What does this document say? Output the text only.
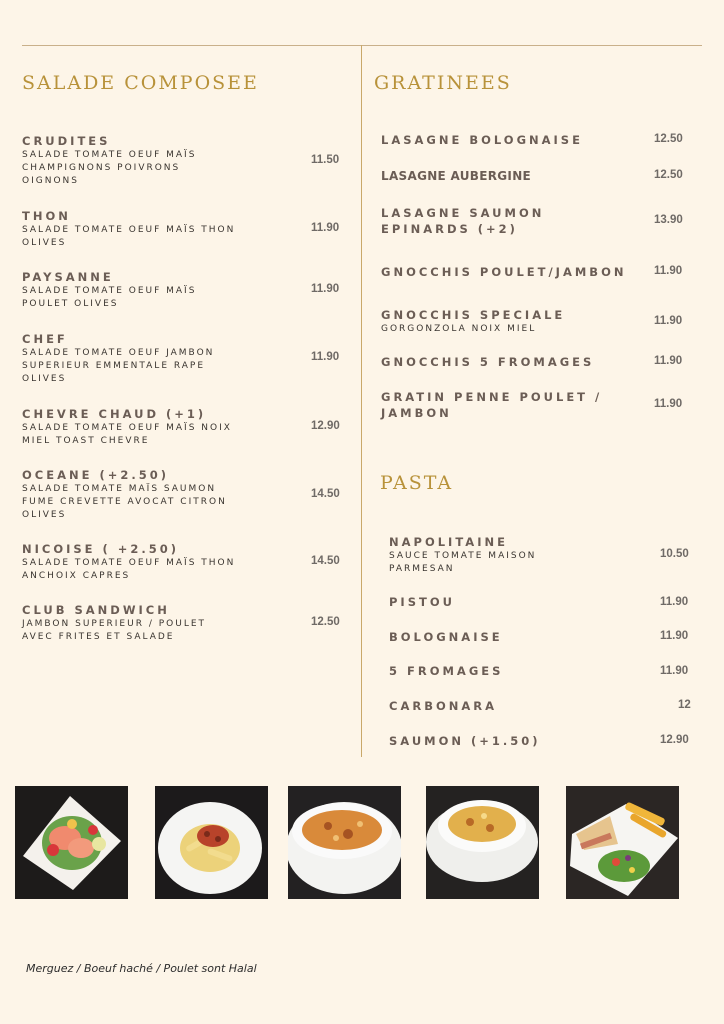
SALADE COMPOSEE
CRUDITES
SALADE TOMATE OEUF MAÏS
CHAMPIGNONS POIVRONS
OIGNONS
11.50
THON
SALADE TOMATE OEUF MAÏS THON
OLIVES
11.90
PAYSANNE
SALADE TOMATE OEUF MAÏS
POULET OLIVES
11.90
CHEF
SALADE TOMATE OEUF JAMBON
SUPERIEUR EMMENTALE RAPE
OLIVES
11.90
CHEVRE CHAUD (+1)
SALADE TOMATE OEUF MAÏS NOIX
MIEL TOAST CHEVRE
12.90
OCEANE (+2.50)
SALADE TOMATE MAÏS SAUMON
FUME CREVETTE AVOCAT CITRON
OLIVES
14.50
NICOISE ( +2.50)
SALADE TOMATE OEUF MAÏS THON
ANCHOIX CAPRES
14.50
CLUB SANDWICH
JAMBON SUPERIEUR / POULET
AVEC FRITES ET SALADE
12.50
GRATINEES
LASAGNE BOLOGNAISE	12.50
LASAGNE AUBERGINE	12.50
LASAGNE SAUMON
EPINARDS (+2)
13.90
GNOCCHIS POULET/JAMBON 11.90
GNOCCHIS SPECIALE
GORGONZOLA NOIX MIEL
11.90
GNOCCHIS 5 FROMAGES	11.90
GRATIN PENNE POULET /
JAMBON
11.90
PASTA
NAPOLITAINE
SAUCE TOMATE MAISON
PARMESAN
10.50
PISTOU	11.90
BOLOGNAISE	11.90
5 FROMAGES	11.90
CARBONARA	12
SAUMON (+1.50)	12.90
Merguez / Boeuf haché / Poulet sont Halal
